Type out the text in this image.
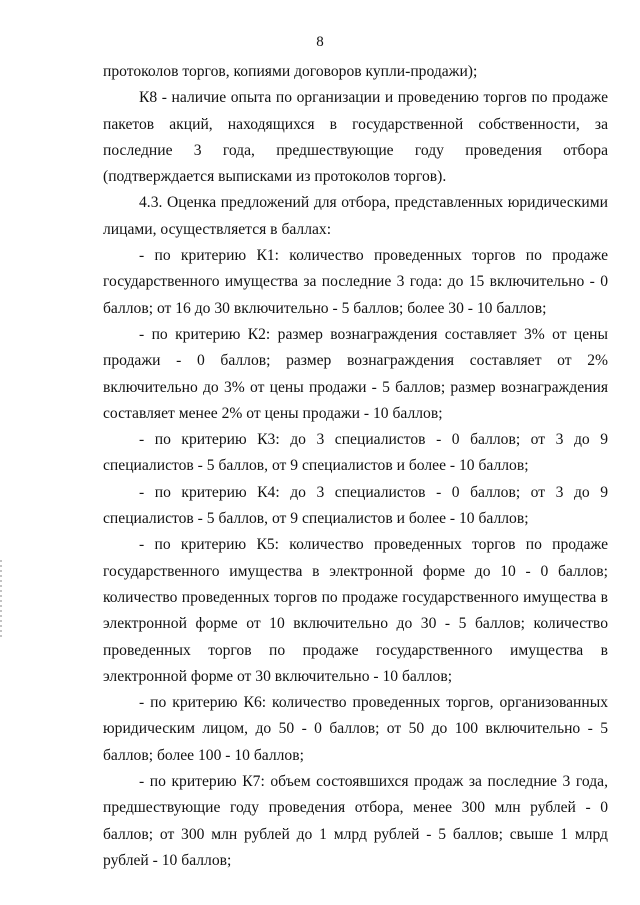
8

протоколов торгов, копиями договоров купли-продажи);

К8 - наличие опыта по организации и проведению торгов по продаже пакетов акций, находящихся в государственной собственности, за последние 3 года, предшествующие году проведения отбора (подтверждается выписками из протоколов торгов).

4.3. Оценка предложений для отбора, представленных юридическими лицами, осуществляется в баллах:

- по критерию К1: количество проведенных торгов по продаже государственного имущества за последние 3 года: до 15 включительно - 0 баллов; от 16 до 30 включительно - 5 баллов; более 30 - 10 баллов;

- по критерию К2: размер вознаграждения составляет 3% от цены продажи - 0 баллов; размер вознаграждения составляет от 2% включительно до 3% от цены продажи - 5 баллов; размер вознаграждения составляет менее 2% от цены продажи - 10 баллов;

- по критерию К3: до 3 специалистов - 0 баллов; от 3 до 9 специалистов - 5 баллов, от 9 специалистов и более - 10 баллов;

- по критерию К4: до 3 специалистов - 0 баллов; от 3 до 9 специалистов - 5 баллов, от 9 специалистов и более - 10 баллов;

- по критерию К5: количество проведенных торгов по продаже государственного имущества в электронной форме до 10 - 0 баллов; количество проведенных торгов по продаже государственного имущества в электронной форме от 10 включительно до 30 - 5 баллов; количество проведенных торгов по продаже государственного имущества в электронной форме от 30 включительно - 10 баллов;

- по критерию К6: количество проведенных торгов, организованных юридическим лицом, до 50 - 0 баллов; от 50 до 100 включительно - 5 баллов; более 100 - 10 баллов;

- по критерию К7: объем состоявшихся продаж за последние 3 года, предшествующие году проведения отбора, менее 300 млн рублей - 0 баллов; от 300 млн рублей до 1 млрд рублей - 5 баллов; свыше 1 млрд рублей - 10 баллов;
